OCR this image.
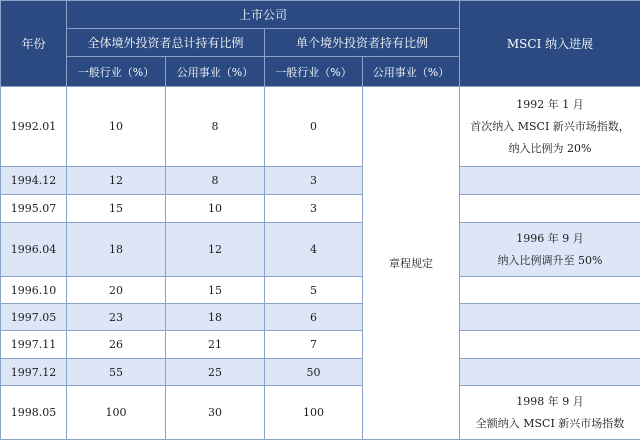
年份	上市公司				MSCI 纳入进展
	全体境外投资者总计持有比例		单个境外投资者持有比例		
	一般行业（%）	公用事业（%）	一般行业（%）	公用事业（%）	
1992.01	10	8	0	章程规定	1992 年 1 月
首次纳入 MSCI 新兴市场指数，
纳入比例为 20%

1994.12	12	8	3		
1995.07	15	10	3		
1996.04	18	12	4		1996 年 9 月
纳入比例调升至 50%

1996.10	20	15	5		
1997.05	23	18	6		
1997.11	26	21	7		
1997.12	55	25	50		
1998.05	100	30	100		1998 年 9 月
全额纳入 MSCI 新兴市场指数
